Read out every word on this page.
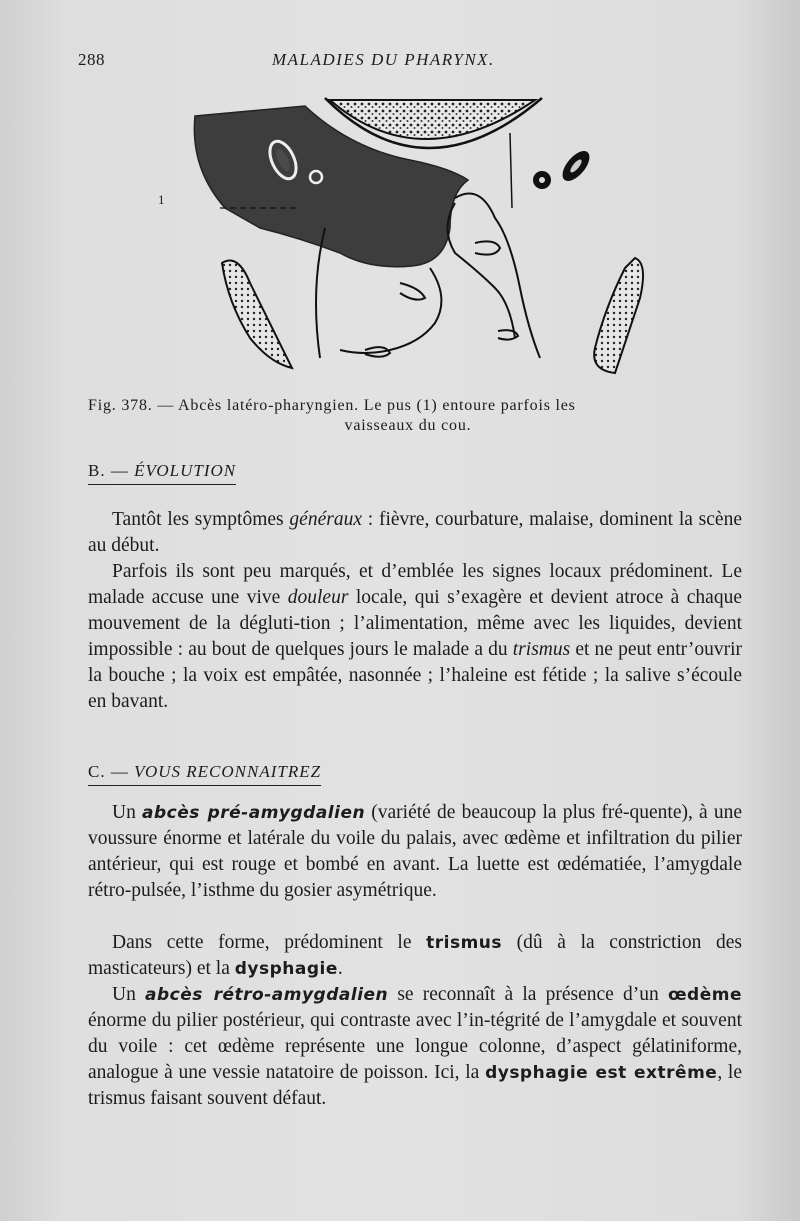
288	MALADIES DU PHARYNX.
1
Fig. 378. — Abcès latéro-pharyngien. Le pus (1) entoure parfois les
vaisseaux du cou.
B. — ÉVOLUTION

Tantôt les symptômes généraux : fièvre, courbature, malaise, dominent la scène au début.

Parfois ils sont peu marqués, et d’emblée les signes locaux prédominent. Le malade accuse une vive douleur locale, qui s’exagère et devient atroce à chaque mouvement de la dégluti-tion ; l’alimentation, même avec les liquides, devient impossible : au bout de quelques jours le malade a du trismus et ne peut entr’ouvrir la bouche ; la voix est empâtée, nasonnée ; l’haleine est fétide ; la salive s’écoule en bavant.

C. — VOUS RECONNAITREZ

Un abcès pré-amygdalien (variété de beaucoup la plus fré-quente), à une voussure énorme et latérale du voile du palais, avec œdème et infiltration du pilier antérieur, qui est rouge et bombé en avant. La luette est œdématiée, l’amygdale rétro-pulsée, l’isthme du gosier asymétrique.

Dans cette forme, prédominent le trismus (dû à la constriction des masticateurs) et la dysphagie.

Un abcès rétro-amygdalien se reconnaît à la présence d’un œdème énorme du pilier postérieur, qui contraste avec l’in-tégrité de l’amygdale et souvent du voile : cet œdème représente une longue colonne, d’aspect gélatiniforme, analogue à une vessie natatoire de poisson. Ici, la dysphagie est extrême, le trismus faisant souvent défaut.
